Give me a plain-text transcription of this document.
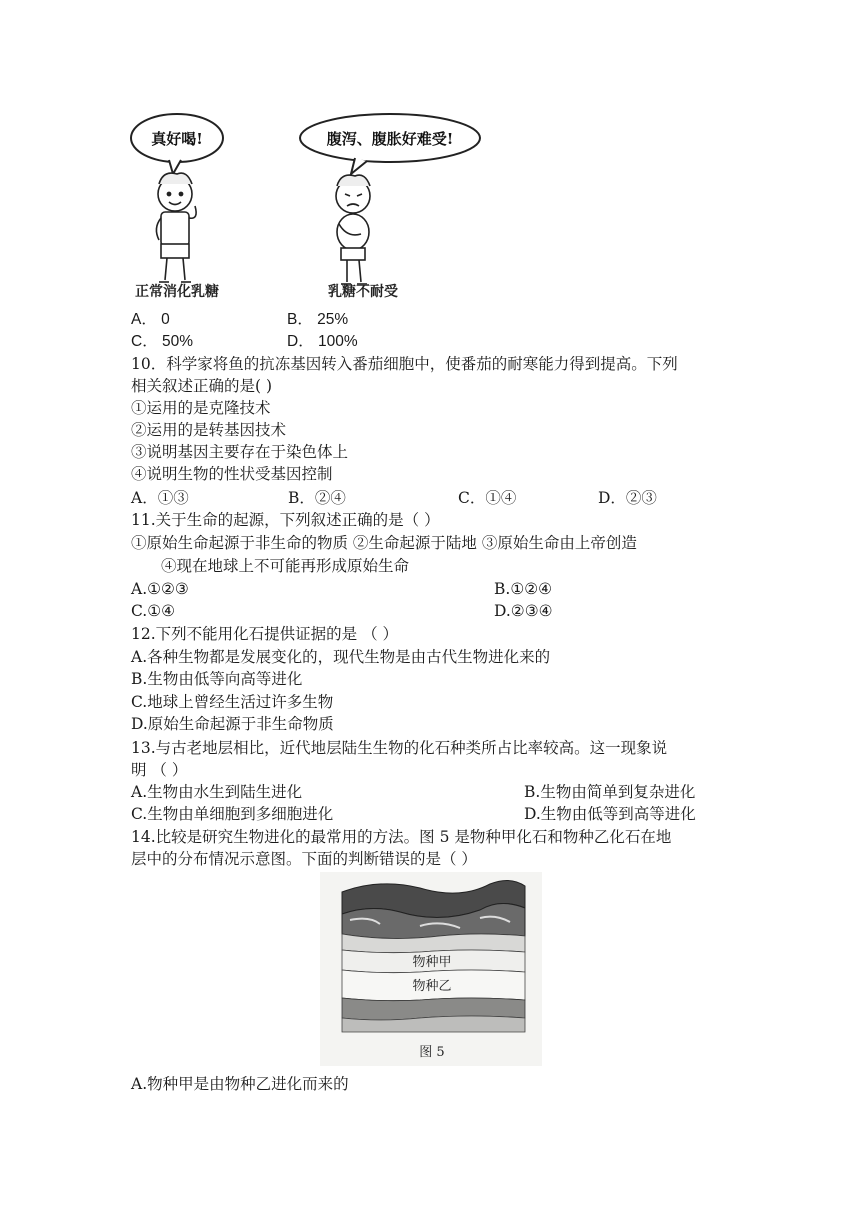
真好喝!
正常消化乳糖
腹泻、腹胀好难受!
乳糖不耐受
A． 0	B． 25%
C． 50%	D． 100%
10．科学家将鱼的抗冻基因转入番茄细胞中，使番茄的耐寒能力得到提高。下列
相关叙述正确的是( )
①运用的是克隆技术
②运用的是转基因技术
③说明基因主要存在于染色体上
④说明生物的性状受基因控制
A．①③	B．②④	C．①④	D．②③
11.关于生命的起源，下列叙述正确的是（ ）
①原始生命起源于非生命的物质 ②生命起源于陆地 ③原始生命由上帝创造
④现在地球上不可能再形成原始生命
A.①②③	B.①②④
C.①④	D.②③④
12.下列不能用化石提供证据的是 （ ）
A.各种生物都是发展变化的，现代生物是由古代生物进化来的
B.生物由低等向高等进化
C.地球上曾经生活过许多生物
D.原始生命起源于非生命物质
13.与古老地层相比，近代地层陆生生物的化石种类所占比率较高。这一现象说
明 （ ）
A.生物由水生到陆生进化	B.生物由简单到复杂进化
C.生物由单细胞到多细胞进化	D.生物由低等到高等进化
14.比较是研究生物进化的最常用的方法。图 5 是物种甲化石和物种乙化石在地
层中的分布情况示意图。下面的判断错误的是（ ）
物种甲
物种乙
图 5
A.物种甲是由物种乙进化而来的
